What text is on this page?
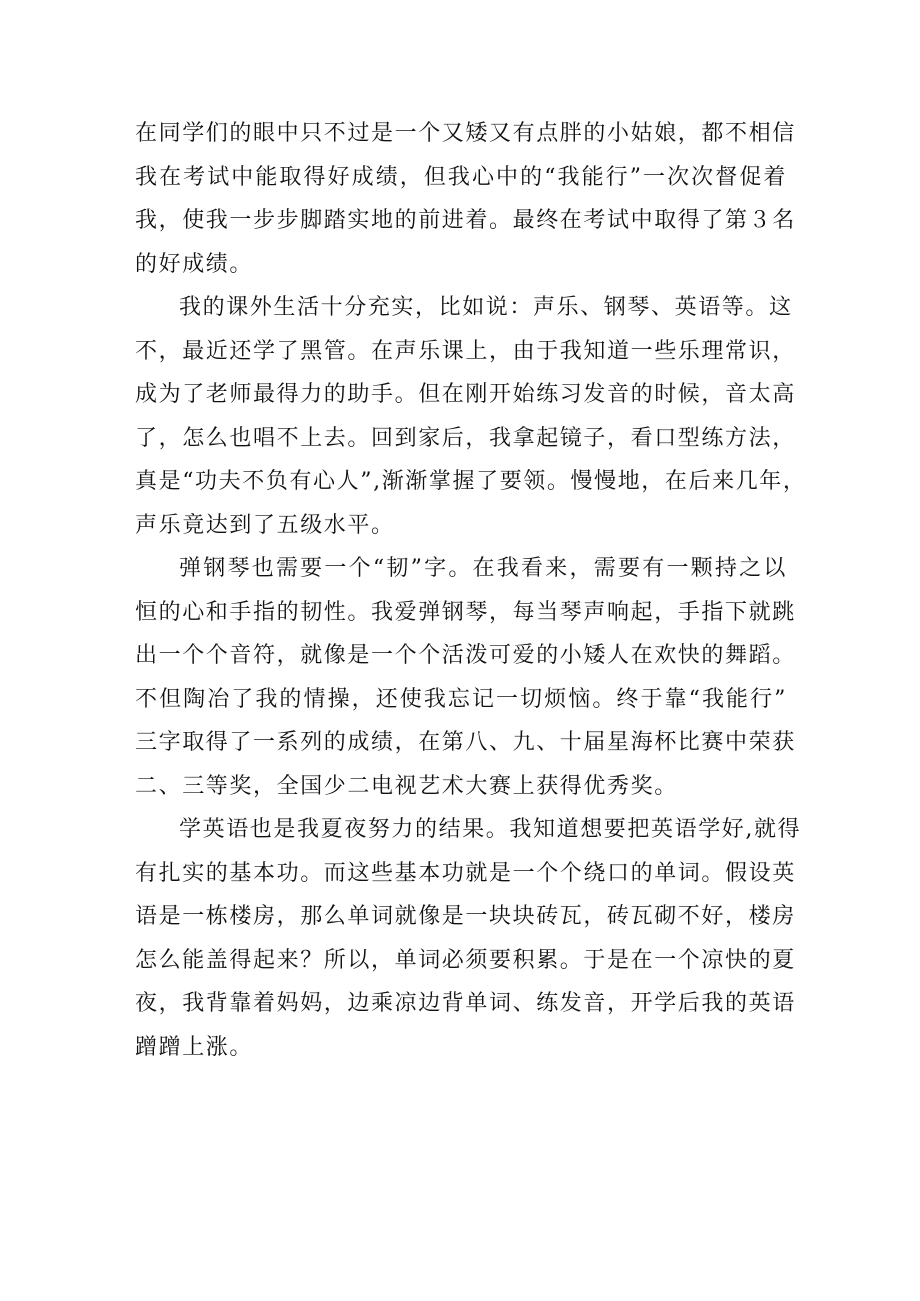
在同学们的眼中只不过是一个又矮又有点胖的小姑娘，都不相信
我在考试中能取得好成绩，但我心中的“我能行”一次次督促着
我，使我一步步脚踏实地的前进着。最终在考试中取得了第３名
的好成绩。
我的课外生活十分充实，比如说：声乐、钢琴、英语等。这
不，最近还学了黑管。在声乐课上，由于我知道一些乐理常识，
成为了老师最得力的助手。但在刚开始练习发音的时候，音太高
了，怎么也唱不上去。回到家后，我拿起镜子，看口型练方法，
真是“功夫不负有心人”,渐渐掌握了要领。慢慢地，在后来几年，
声乐竟达到了五级水平。
弹钢琴也需要一个“韧”字。在我看来，需要有一颗持之以
恒的心和手指的韧性。我爱弹钢琴，每当琴声响起，手指下就跳
出一个个音符，就像是一个个活泼可爱的小矮人在欢快的舞蹈。
不但陶冶了我的情操，还使我忘记一切烦恼。终于靠“我能行”
三字取得了一系列的成绩，在第八、九、十届星海杯比赛中荣获
二、三等奖，全国少二电视艺术大赛上获得优秀奖。
学英语也是我夏夜努力的结果。我知道想要把英语学好,就得
有扎实的基本功。而这些基本功就是一个个绕口的单词。假设英
语是一栋楼房，那么单词就像是一块块砖瓦，砖瓦砌不好，楼房
怎么能盖得起来？所以，单词必须要积累。于是在一个凉快的夏
夜，我背靠着妈妈，边乘凉边背单词、练发音，开学后我的英语
蹭蹭上涨。
